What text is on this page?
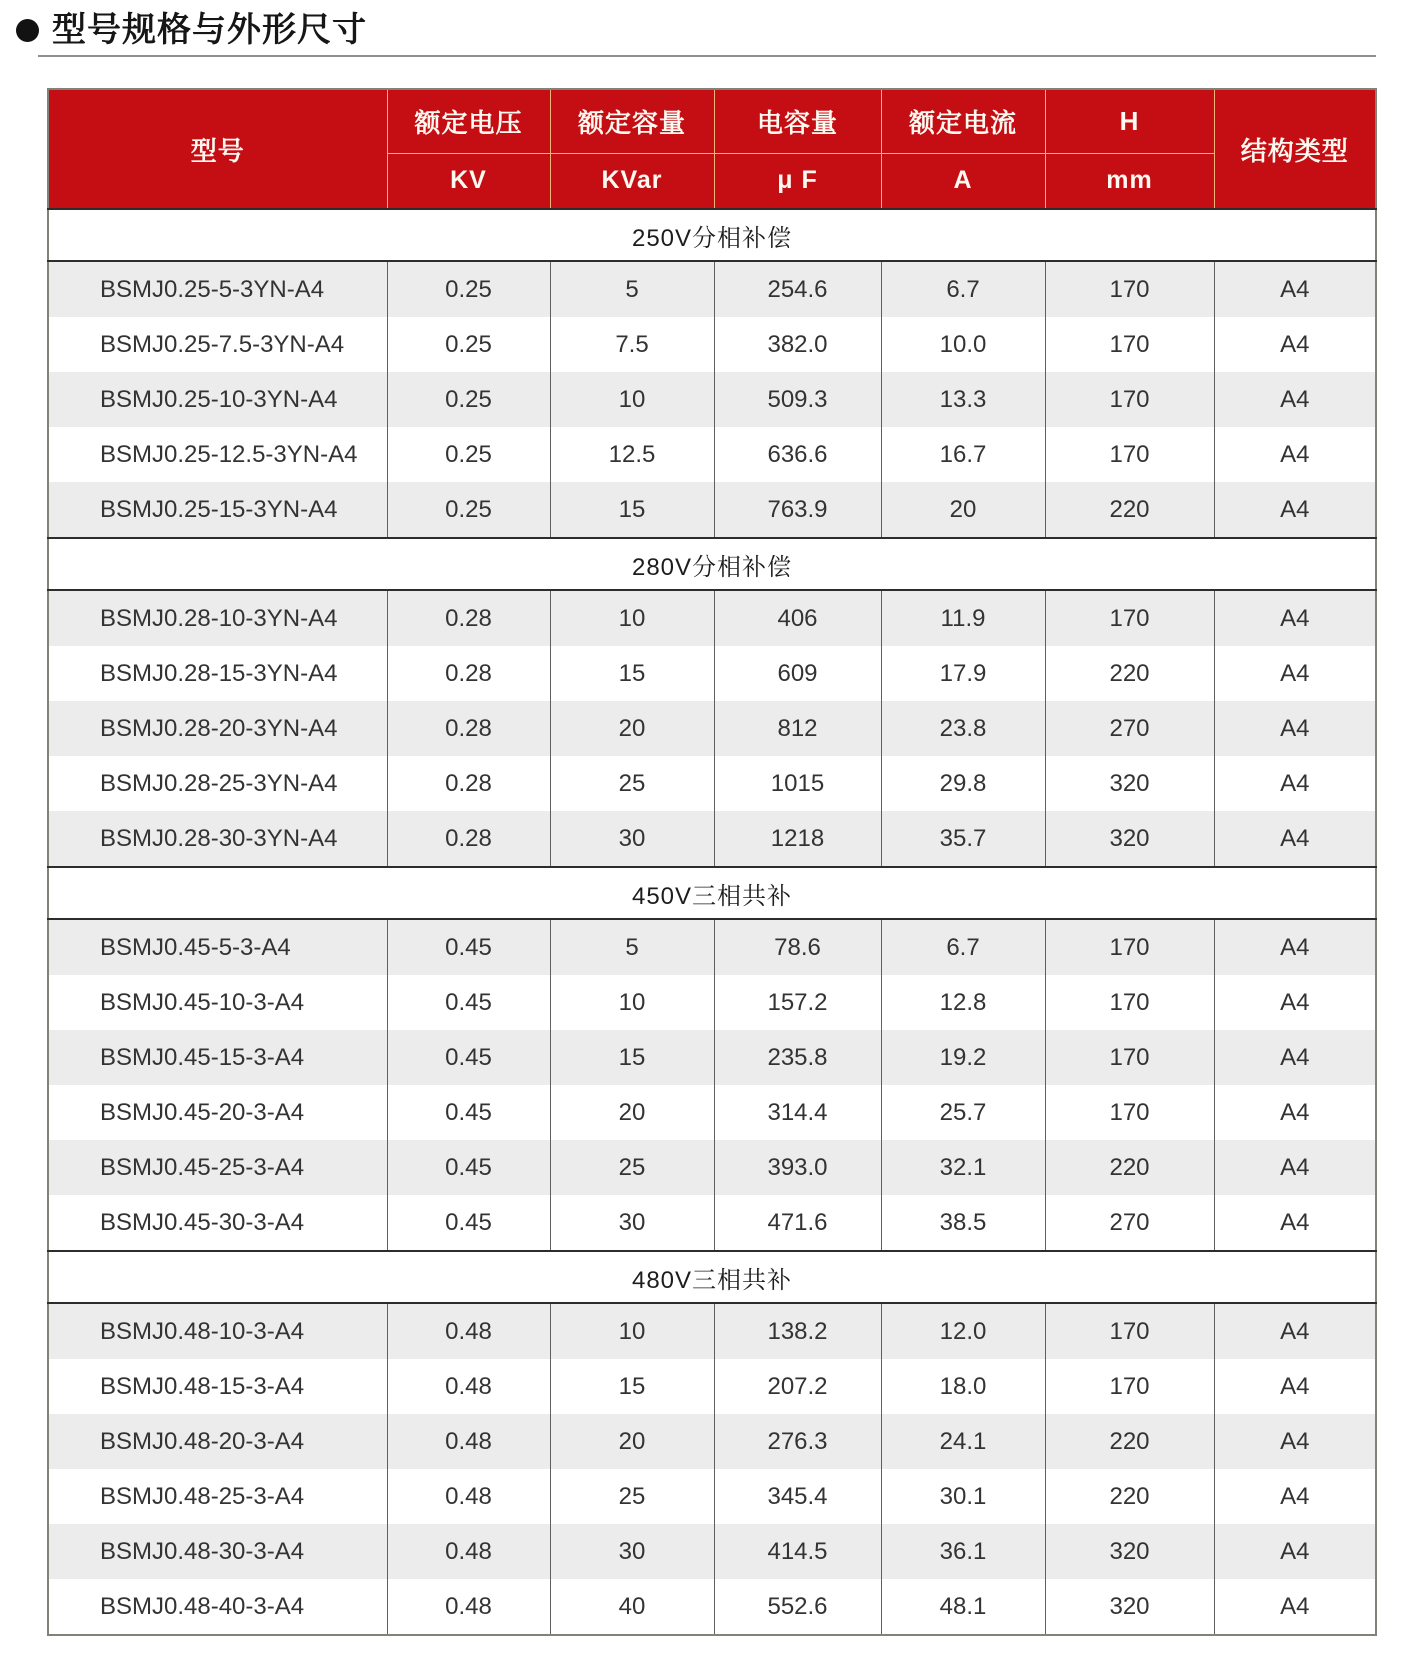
型号规格与外形尺寸
型号	额定电压	额定容量	电容量	额定电流	H	结构类型
	KV	KVar	μ F	A	mm	
250V分相补偿						
BSMJ0.25-5-3YN-A4	0.25	5	254.6	6.7	170	A4
BSMJ0.25-7.5-3YN-A4	0.25	7.5	382.0	10.0	170	A4
BSMJ0.25-10-3YN-A4	0.25	10	509.3	13.3	170	A4
BSMJ0.25-12.5-3YN-A4	0.25	12.5	636.6	16.7	170	A4
BSMJ0.25-15-3YN-A4	0.25	15	763.9	20	220	A4
280V分相补偿						
BSMJ0.28-10-3YN-A4	0.28	10	406	11.9	170	A4
BSMJ0.28-15-3YN-A4	0.28	15	609	17.9	220	A4
BSMJ0.28-20-3YN-A4	0.28	20	812	23.8	270	A4
BSMJ0.28-25-3YN-A4	0.28	25	1015	29.8	320	A4
BSMJ0.28-30-3YN-A4	0.28	30	1218	35.7	320	A4
450V三相共补						
BSMJ0.45-5-3-A4	0.45	5	78.6	6.7	170	A4
BSMJ0.45-10-3-A4	0.45	10	157.2	12.8	170	A4
BSMJ0.45-15-3-A4	0.45	15	235.8	19.2	170	A4
BSMJ0.45-20-3-A4	0.45	20	314.4	25.7	170	A4
BSMJ0.45-25-3-A4	0.45	25	393.0	32.1	220	A4
BSMJ0.45-30-3-A4	0.45	30	471.6	38.5	270	A4
480V三相共补						
BSMJ0.48-10-3-A4	0.48	10	138.2	12.0	170	A4
BSMJ0.48-15-3-A4	0.48	15	207.2	18.0	170	A4
BSMJ0.48-20-3-A4	0.48	20	276.3	24.1	220	A4
BSMJ0.48-25-3-A4	0.48	25	345.4	30.1	220	A4
BSMJ0.48-30-3-A4	0.48	30	414.5	36.1	320	A4
BSMJ0.48-40-3-A4	0.48	40	552.6	48.1	320	A4
